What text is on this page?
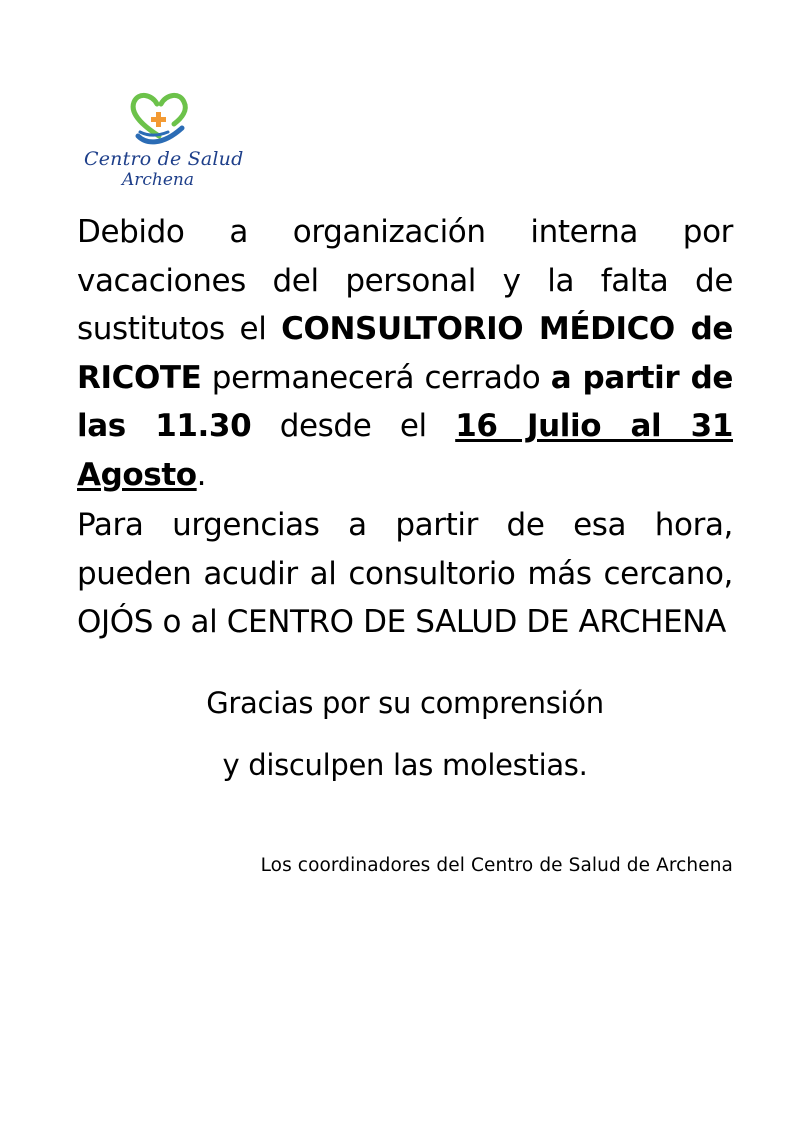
Centro de Salud
Archena

Debido a organización interna por vacaciones del personal y la falta de sustitutos el CONSULTORIO MÉDICO de RICOTE permanecerá cerrado a partir de las 11.30 desde el 16 Julio al 31 Agosto.

Para urgencias a partir de esa hora, pueden acudir al consultorio más cercano, OJÓS o al CENTRO DE SALUD DE ARCHENA

Gracias por su comprensión
y disculpen las molestias.
Los coordinadores del Centro de Salud de Archena
